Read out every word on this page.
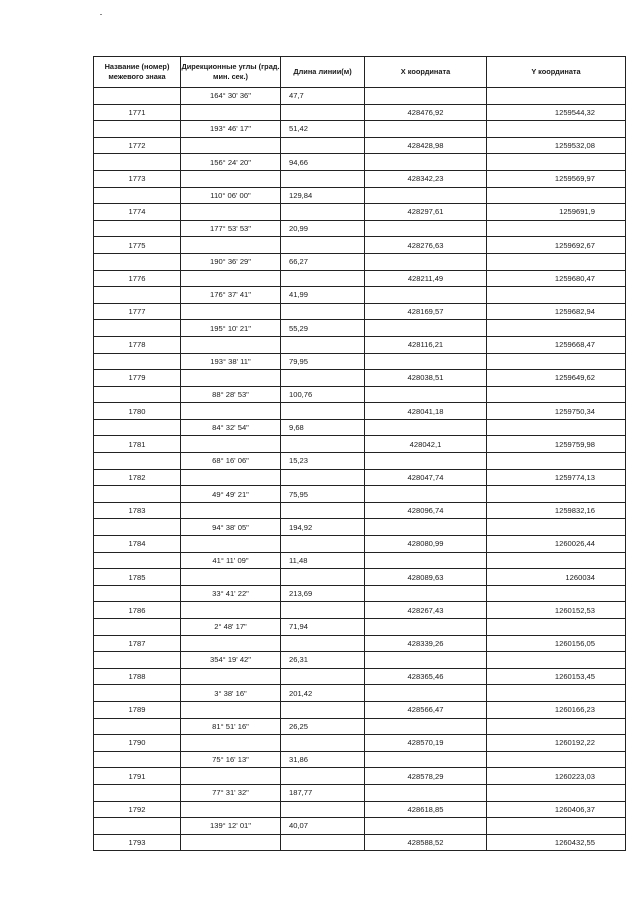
Название (номер) межевого знака	Дирекционные углы (град. мин. сек.)	Длина линии(м)	X координата	Y координата
	164° 30' 36"	47,7		
1771			428476,92	1259544,32
	193° 46' 17"	51,42		
1772			428428,98	1259532,08
	156° 24' 20"	94,66		
1773			428342,23	1259569,97
	110° 06' 00"	129,84		
1774			428297,61	1259691,9
	177° 53' 53"	20,99		
1775			428276,63	1259692,67
	190° 36' 29"	66,27		
1776			428211,49	1259680,47
	176° 37' 41"	41,99		
1777			428169,57	1259682,94
	195° 10' 21"	55,29		
1778			428116,21	1259668,47
	193° 38' 11"	79,95		
1779			428038,51	1259649,62
	88° 28' 53"	100,76		
1780			428041,18	1259750,34
	84° 32' 54"	9,68		
1781			428042,1	1259759,98
	68° 16' 06"	15,23		
1782			428047,74	1259774,13
	49° 49' 21"	75,95		
1783			428096,74	1259832,16
	94° 38' 05"	194,92		
1784			428080,99	1260026,44
	41° 11' 09"	11,48		
1785			428089,63	1260034
	33° 41' 22"	213,69		
1786			428267,43	1260152,53
	2° 48' 17"	71,94		
1787			428339,26	1260156,05
	354° 19' 42"	26,31		
1788			428365,46	1260153,45
	3° 38' 16"	201,42		
1789			428566,47	1260166,23
	81° 51' 16"	26,25		
1790			428570,19	1260192,22
	75° 16' 13"	31,86		
1791			428578,29	1260223,03
	77° 31' 32"	187,77		
1792			428618,85	1260406,37
	139° 12' 01"	40,07		
1793			428588,52	1260432,55
